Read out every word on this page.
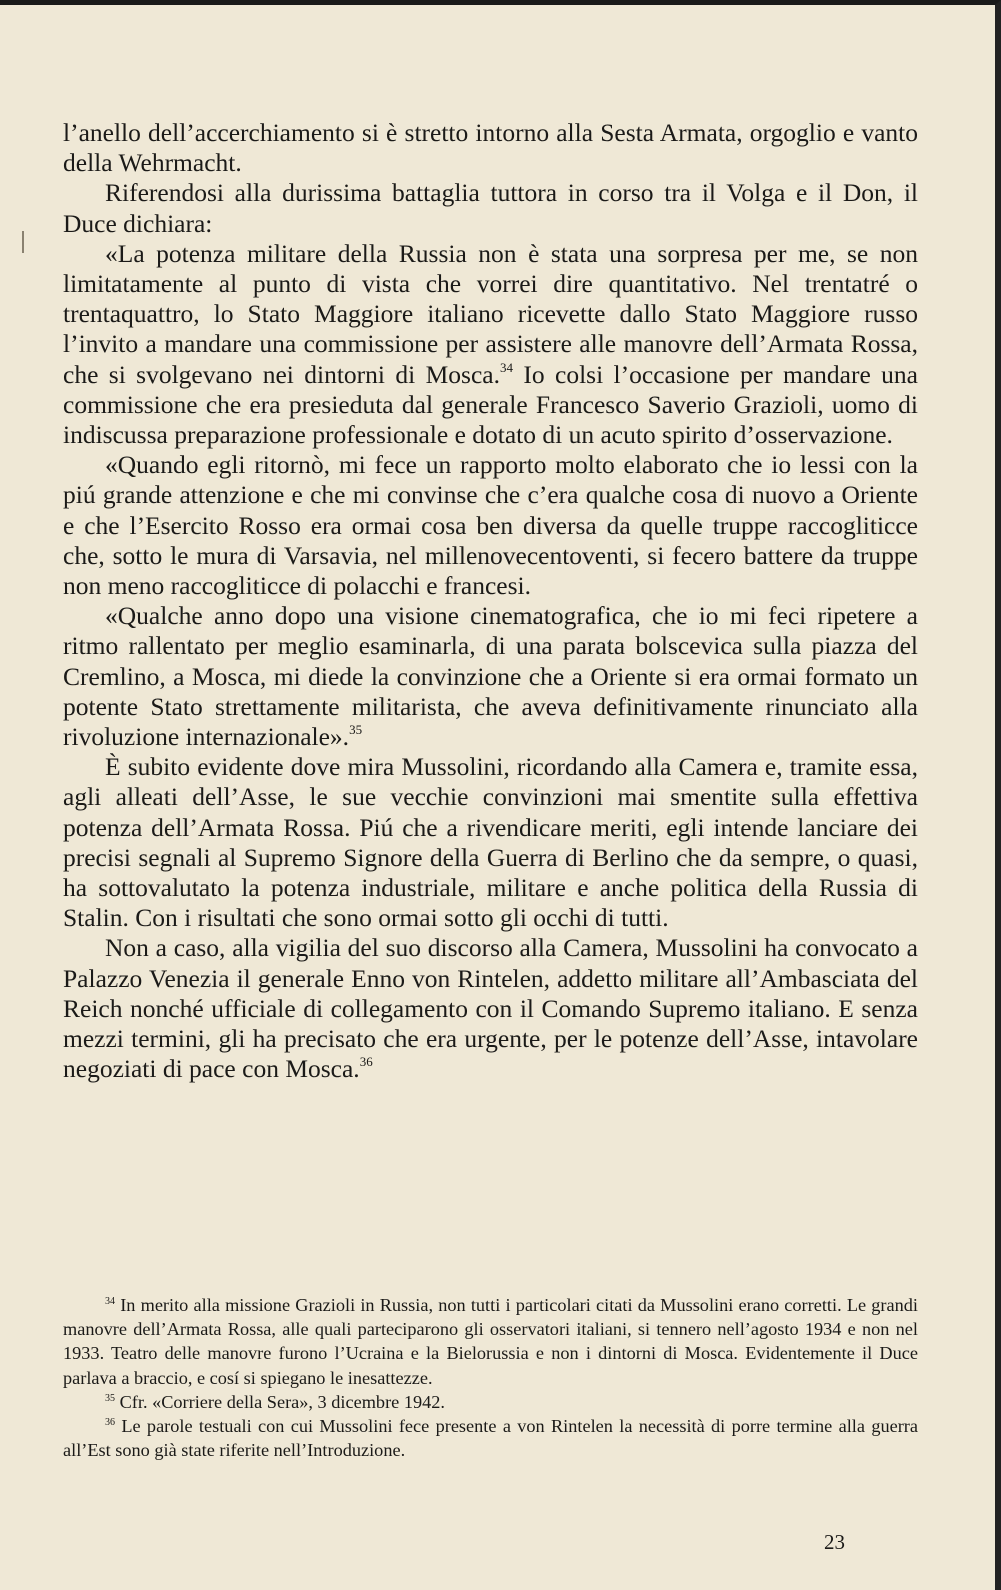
l’anello dell’accerchiamento si è stretto intorno alla Sesta Armata, orgoglio e vanto della Wehrmacht.

Riferendosi alla durissima battaglia tuttora in corso tra il Volga e il Don, il Duce dichiara:

«La potenza militare della Russia non è stata una sorpresa per me, se non limitatamente al punto di vista che vorrei dire quantitativo. Nel trentatré o trentaquattro, lo Stato Maggiore italiano ricevette dallo Stato Maggiore russo l’invito a mandare una commissione per assistere alle manovre dell’Armata Rossa, che si svolgevano nei dintorni di Mosca.$^{34}$ Io colsi l’occasione per mandare una commissione che era presieduta dal generale Francesco Saverio Grazioli, uomo di indiscussa preparazione professionale e dotato di un acuto spirito d’osservazione.

«Quando egli ritornò, mi fece un rapporto molto elaborato che io lessi con la piú grande attenzione e che mi convinse che c’era qualche cosa di nuovo a Oriente e che l’Esercito Rosso era ormai cosa ben diversa da quelle truppe raccogliticce che, sotto le mura di Varsavia, nel millenovecentoventi, si fecero battere da truppe non meno raccogliticce di polacchi e francesi.

«Qualche anno dopo una visione cinematografica, che io mi feci ripetere a ritmo rallentato per meglio esaminarla, di una parata bolscevica sulla piazza del Cremlino, a Mosca, mi diede la convinzione che a Oriente si era ormai formato un potente Stato strettamente militarista, che aveva definitivamente rinunciato alla rivoluzione internazionale».$^{35}$

È subito evidente dove mira Mussolini, ricordando alla Camera e, tramite essa, agli alleati dell’Asse, le sue vecchie convinzioni mai smentite sulla effettiva potenza dell’Armata Rossa. Piú che a rivendicare meriti, egli intende lanciare dei precisi segnali al Supremo Signore della Guerra di Berlino che da sempre, o quasi, ha sottovalutato la potenza industriale, militare e anche politica della Russia di Stalin. Con i risultati che sono ormai sotto gli occhi di tutti.

Non a caso, alla vigilia del suo discorso alla Camera, Mussolini ha convocato a Palazzo Venezia il generale Enno von Rintelen, addetto militare all’Ambasciata del Reich nonché ufficiale di collegamento con il Comando Supremo italiano. E senza mezzi termini, gli ha precisato che era urgente, per le potenze dell’Asse, intavolare negoziati di pace con Mosca.$^{36}$

$^{34}$ In merito alla missione Grazioli in Russia, non tutti i particolari citati da Mussolini erano corretti. Le grandi manovre dell’Armata Rossa, alle quali parteciparono gli osservatori italiani, si tennero nell’agosto 1934 e non nel 1933. Teatro delle manovre furono l’Ucraina e la Bielorussia e non i dintorni di Mosca. Evidentemente il Duce parlava a braccio, e cosí si spiegano le inesattezze.

$^{35}$ Cfr. «Corriere della Sera», 3 dicembre 1942.

$^{36}$ Le parole testuali con cui Mussolini fece presente a von Rintelen la necessità di porre termine alla guerra all’Est sono già state riferite nell’Introduzione.

23
